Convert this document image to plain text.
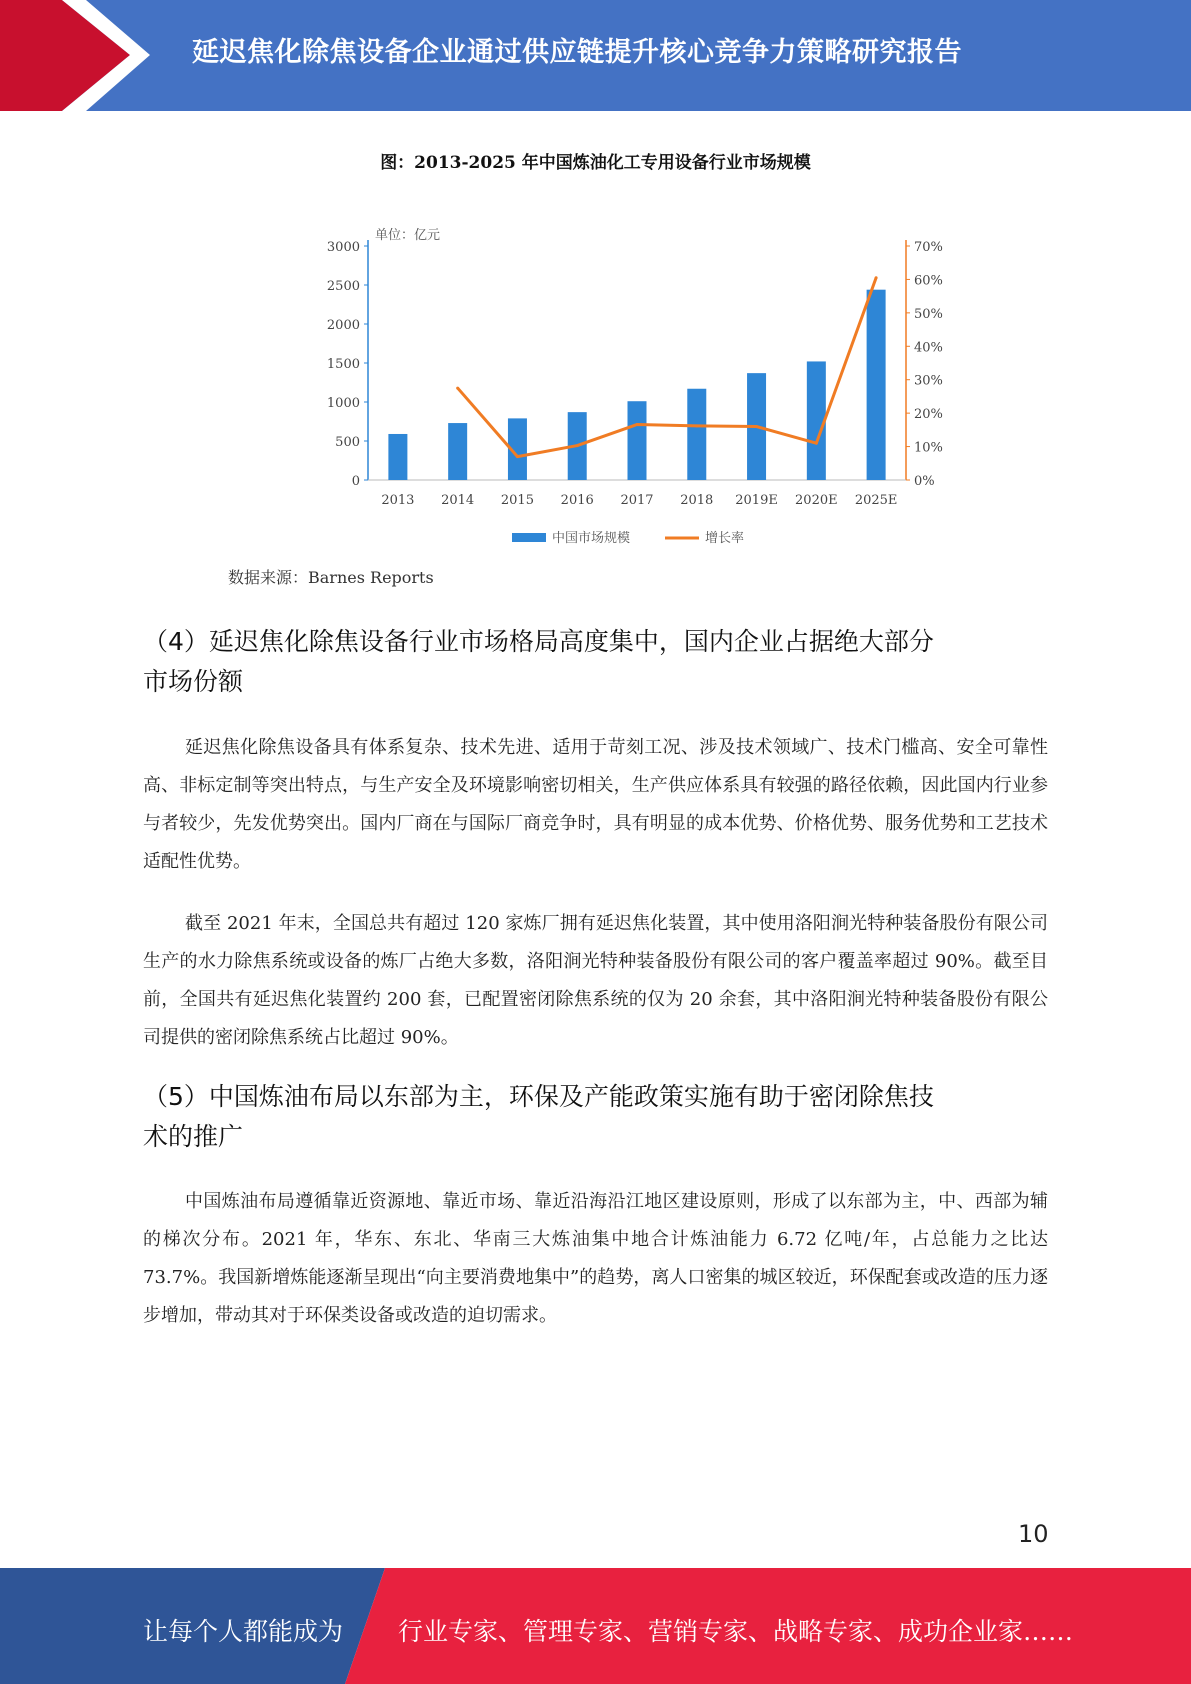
延迟焦化除焦设备企业通过供应链提升核心竞争力策略研究报告
图：2013-2025 年中国炼油化工专用设备行业市场规模
单位：亿元
0
500
1000
1500
2000
2500
3000
0%
10%
20%
30%
40%
50%
60%
70%
2013 2014 2015 2016 2017 2018 2019E 2020E 2025E
中国市场规模	增长率
数据来源：Barnes Reports
（4）延迟焦化除焦设备行业市场格局高度集中，国内企业占据绝大部分
市场份额

延迟焦化除焦设备具有体系复杂、技术先进、适用于苛刻工况、涉及技术领域广、技术门槛高、安全可靠性高、非标定制等突出特点，与生产安全及环境影响密切相关，生产供应体系具有较强的路径依赖，因此国内行业参与者较少，先发优势突出。国内厂商在与国际厂商竞争时，具有明显的成本优势、价格优势、服务优势和工艺技术适配性优势。

截至 2021 年末，全国总共有超过 120 家炼厂拥有延迟焦化装置，其中使用洛阳涧光特种装备股份有限公司生产的水力除焦系统或设备的炼厂占绝大多数，洛阳涧光特种装备股份有限公司的客户覆盖率超过 90%。截至目前，全国共有延迟焦化装置约 200 套，已配置密闭除焦系统的仅为 20 余套，其中洛阳涧光特种装备股份有限公司提供的密闭除焦系统占比超过 90%。

（5）中国炼油布局以东部为主，环保及产能政策实施有助于密闭除焦技
术的推广

中国炼油布局遵循靠近资源地、靠近市场、靠近沿海沿江地区建设原则，形成了以东部为主，中、西部为辅的梯次分布。2021 年，华东、东北、华南三大炼油集中地合计炼油能力 6.72 亿吨/年，占总能力之比达 73.7%。我国新增炼能逐渐呈现出“向主要消费地集中”的趋势，离人口密集的城区较近，环保配套或改造的压力逐步增加，带动其对于环保类设备或改造的迫切需求。

10
让每个人都能成为 行业专家、管理专家、营销专家、战略专家、成功企业家……
